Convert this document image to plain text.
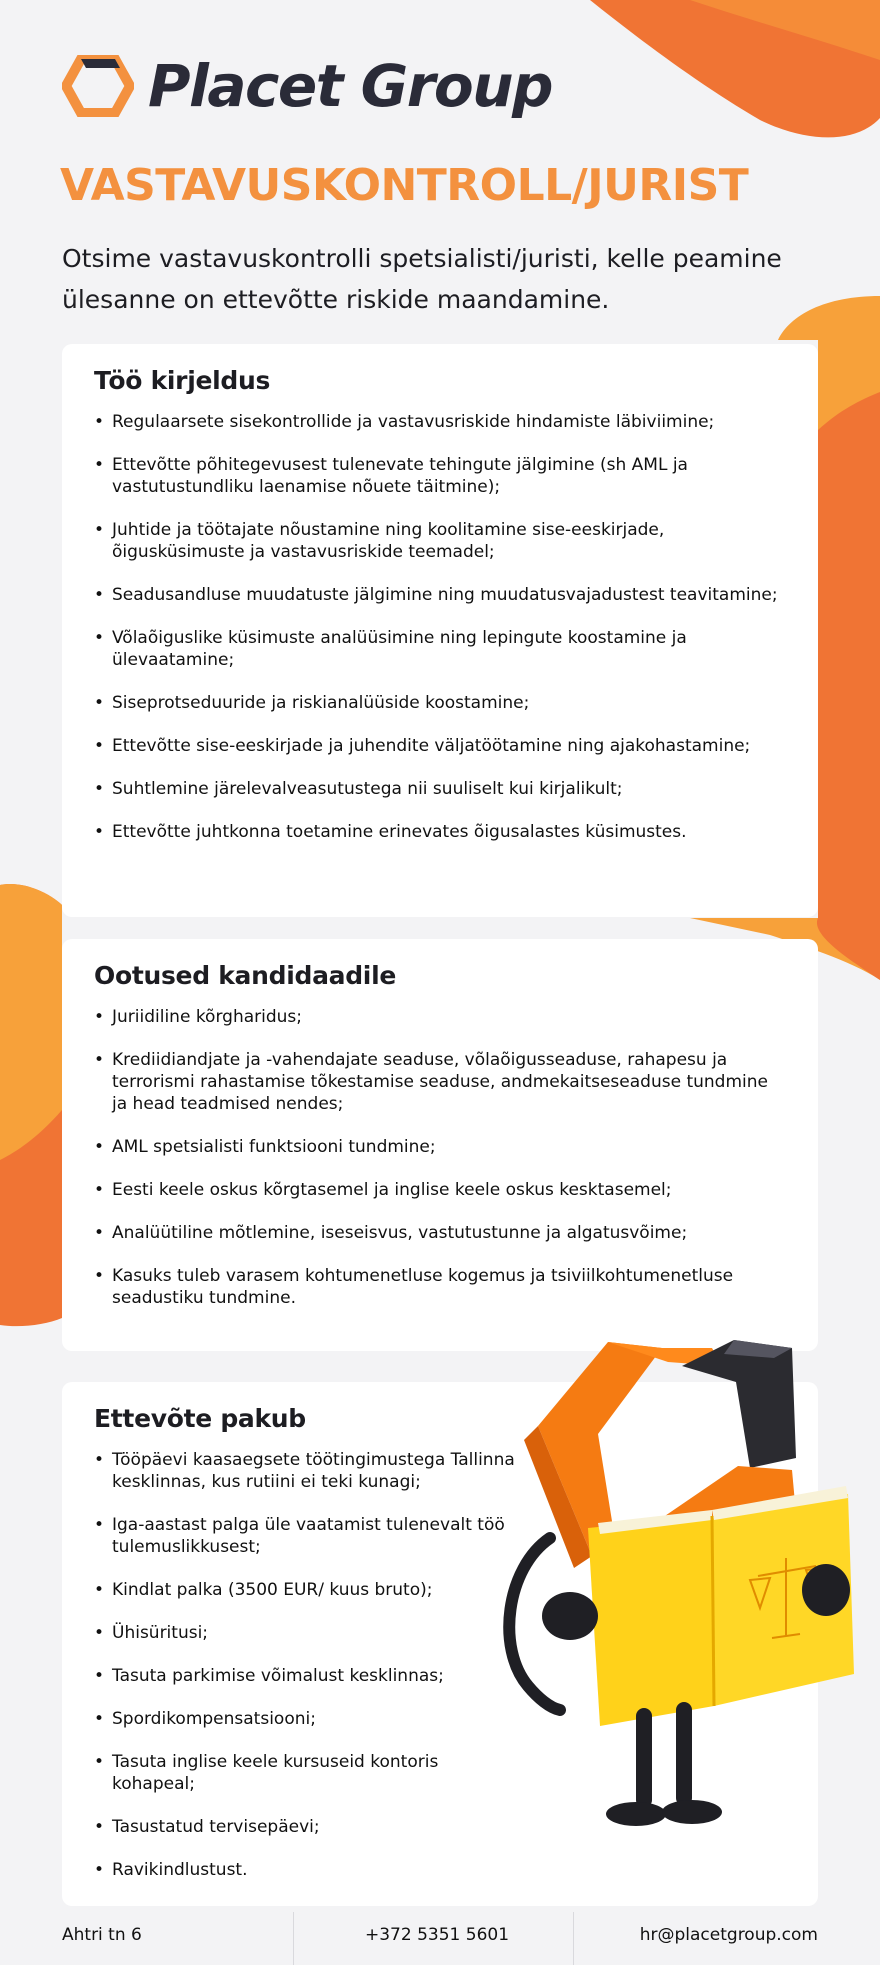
Placet Group
VASTAVUSKONTROLL/JURIST

Otsime vastavuskontrolli spetsialisti/juristi, kelle peamine ülesanne on ettevõtte riskide maandamine.

Töö kirjeldus
• Regulaarsete sisekontrollide ja vastavusriskide hindamiste läbiviimine;
• Ettevõtte põhitegevusest tulenevate tehingute jälgimine (sh AML ja vastutustundliku laenamise nõuete täitmine);
• Juhtide ja töötajate nõustamine ning koolitamine sise-eeskirjade, õigusküsimuste ja vastavusriskide teemadel;
• Seadusandluse muudatuste jälgimine ning muudatusvajadustest teavitamine;
• Võlaõiguslike küsimuste analüüsimine ning lepingute koostamine ja ülevaatamine;
• Siseprotseduuride ja riskianalüüside koostamine;
• Ettevõtte sise-eeskirjade ja juhendite väljatöötamine ning ajakohastamine;
• Suhtlemine järelevalveasutustega nii suuliselt kui kirjalikult;
• Ettevõtte juhtkonna toetamine erinevates õigusalastes küsimustes.
Ootused kandidaadile
• Juriidiline kõrgharidus;
• Krediidiandjate ja -vahendajate seaduse, võlaõigusseaduse, rahapesu ja terrorismi rahastamise tõkestamise seaduse, andmekaitseseaduse tundmine ja head teadmised nendes;
• AML spetsialisti funktsiooni tundmine;
• Eesti keele oskus kõrgtasemel ja inglise keele oskus kesktasemel;
• Analüütiline mõtlemine, iseseisvus, vastutustunne ja algatusvõime;
• Kasuks tuleb varasem kohtumenetluse kogemus ja tsiviilkohtumenetluse seadustiku tundmine.
Ettevõte pakub
• Tööpäevi kaasaegsete töötingimustega Tallinna kesklinnas, kus rutiini ei teki kunagi;
• Iga-aastast palga üle vaatamist tulenevalt töö tulemuslikkusest;
• Kindlat palka (3500 EUR/ kuus bruto);
• Ühisüritusi;
• Tasuta parkimise võimalust kesklinnas;
• Spordikompensatsiooni;
• Tasuta inglise keele kursuseid kontoris kohapeal;
• Tasustatud tervisepäevi;
• Ravikindlustust.
Ahtri tn 6	+372 5351 5601	hr@placetgroup.com
